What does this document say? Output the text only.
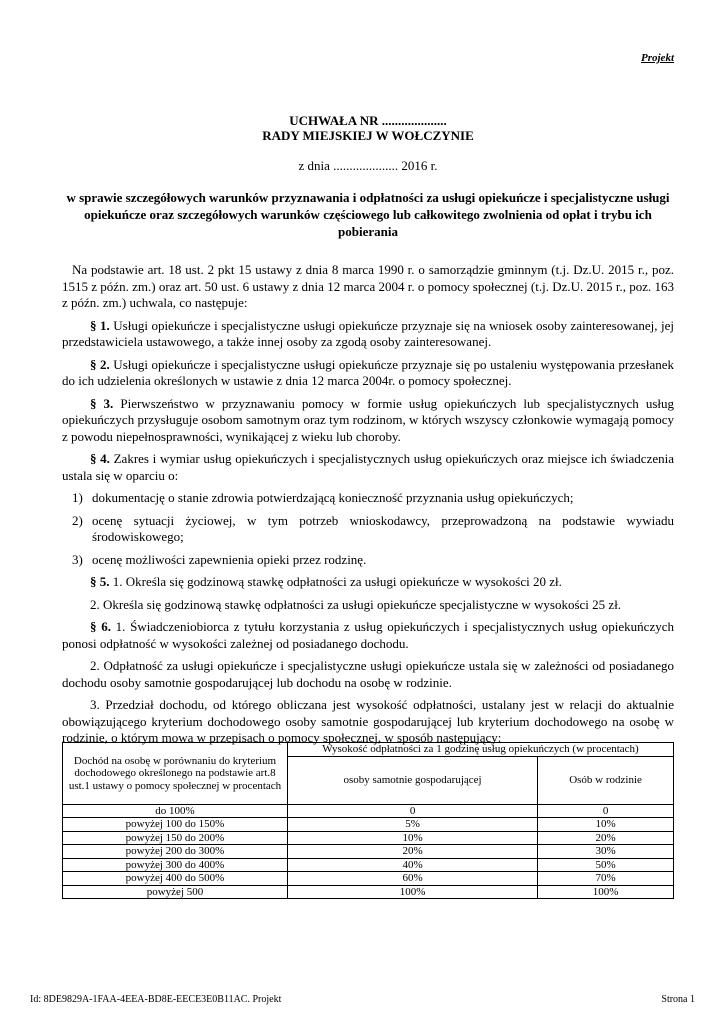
Projekt
UCHWAŁA NR ....................
RADY MIEJSKIEJ W WOŁCZYNIE
z dnia .................... 2016 r.
w sprawie szczegółowych warunków przyznawania i odpłatności za usługi opiekuńcze i specjalistyczne usługi opiekuńcze oraz szczegółowych warunków częściowego lub całkowitego zwolnienia od opłat i trybu ich pobierania

Na podstawie art. 18 ust. 2 pkt 15 ustawy z dnia 8 marca 1990 r. o samorządzie gminnym (t.j. Dz.U. 2015 r., poz. 1515 z późn. zm.) oraz art. 50 ust. 6 ustawy z dnia 12 marca 2004 r. o pomocy społecznej (t.j. Dz.U. 2015 r., poz. 163 z późn. zm.) uchwala, co następuje:

§ 1. Usługi opiekuńcze i specjalistyczne usługi opiekuńcze przyznaje się na wniosek osoby zainteresowanej, jej przedstawiciela ustawowego, a także innej osoby za zgodą osoby zainteresowanej.

§ 2. Usługi opiekuńcze i specjalistyczne usługi opiekuńcze przyznaje się po ustaleniu występowania przesłanek do ich udzielenia określonych w ustawie z dnia 12 marca 2004r. o pomocy społecznej.

§ 3. Pierwszeństwo w przyznawaniu pomocy w formie usług opiekuńczych lub specjalistycznych usług opiekuńczych przysługuje osobom samotnym oraz tym rodzinom, w których wszyscy członkowie wymagają pomocy z powodu niepełnosprawności, wynikającej z wieku lub choroby.

§ 4. Zakres i wymiar usług opiekuńczych i specjalistycznych usług opiekuńczych oraz miejsce ich świadczenia ustala się w oparciu o:

1) dokumentację o stanie zdrowia potwierdzającą konieczność przyznania usług opiekuńczych;
2) ocenę sytuacji życiowej, w tym potrzeb wnioskodawcy, przeprowadzoną na podstawie wywiadu środowiskowego;
3) ocenę możliwości zapewnienia opieki przez rodzinę.

§ 5. 1. Określa się godzinową stawkę odpłatności za usługi opiekuńcze w wysokości 20 zł.

2. Określa się godzinową stawkę odpłatności za usługi opiekuńcze specjalistyczne w wysokości 25 zł.

§ 6. 1. Świadczeniobiorca z tytułu korzystania z usług opiekuńczych i specjalistycznych usług opiekuńczych ponosi odpłatność w wysokości zależnej od posiadanego dochodu.

2. Odpłatność za usługi opiekuńcze i specjalistyczne usługi opiekuńcze ustala się w zależności od posiadanego dochodu osoby samotnie gospodarującej lub dochodu na osobę w rodzinie.

3. Przedział dochodu, od którego obliczana jest wysokość odpłatności, ustalany jest w relacji do aktualnie obowiązującego kryterium dochodowego osoby samotnie gospodarującej lub kryterium dochodowego na osobę w rodzinie, o którym mowa w przepisach o pomocy społecznej, w sposób następujący:

Dochód na osobę w porównaniu do kryterium dochodowego określonego na podstawie art.8 ust.1 ustawy o pomocy społecznej w procentach	Wysokość odpłatności za 1 godzinę usług opiekuńczych (w procentach)	
	osoby samotnie gospodarującej	Osób w rodzinie
do 100%	0	0
powyżej 100 do 150%	5%	10%
powyżej 150 do 200%	10%	20%
powyżej 200 do 300%	20%	30%
powyżej 300 do 400%	40%	50%
powyżej 400 do 500%	60%	70%
powyżej 500	100%	100%
Id: 8DE9829A-1FAA-4EEA-BD8E-EECE3E0B11AC. Projekt	Strona 1
